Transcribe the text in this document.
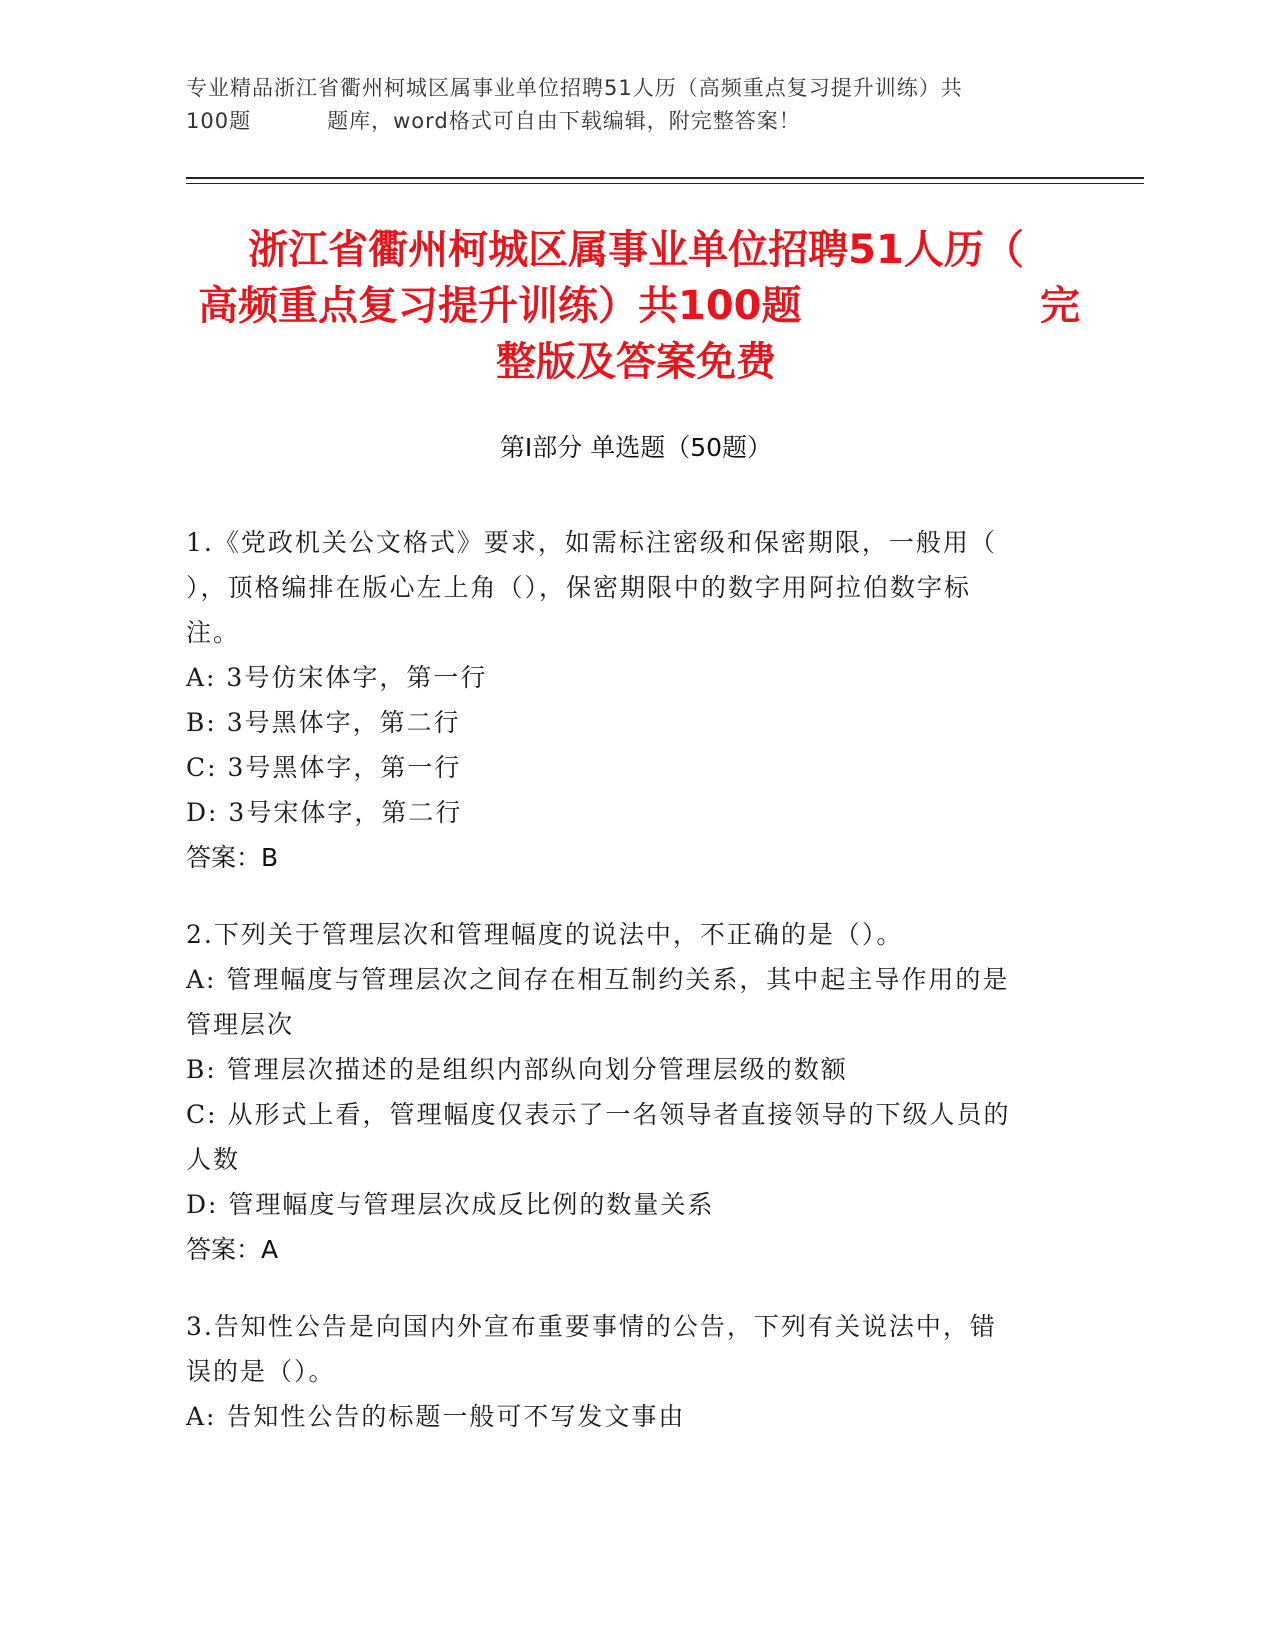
专业精品浙江省衢州柯城区属事业单位招聘51人历（高频重点复习提升训练）共
100题	题库，word格式可自由下载编辑，附完整答案！
浙江省衢州柯城区属事业单位招聘51人历（
高频重点复习提升训练）共100题	完
整版及答案免费
第Ⅰ部分 单选题（50题）
1.《党政机关公文格式》要求，如需标注密级和保密期限，一般用（
），顶格编排在版心左上角（），保密期限中的数字用阿拉伯数字标
注。
A: 3号仿宋体字，第一行
B: 3号黑体字，第二行
C: 3号黑体字，第一行
D: 3号宋体字，第二行
答案：B
2.下列关于管理层次和管理幅度的说法中，不正确的是（）。
A: 管理幅度与管理层次之间存在相互制约关系，其中起主导作用的是
管理层次
B: 管理层次描述的是组织内部纵向划分管理层级的数额
C: 从形式上看，管理幅度仅表示了一名领导者直接领导的下级人员的
人数
D: 管理幅度与管理层次成反比例的数量关系
答案：A
3.告知性公告是向国内外宣布重要事情的公告，下列有关说法中，错
误的是（）。
A: 告知性公告的标题一般可不写发文事由
